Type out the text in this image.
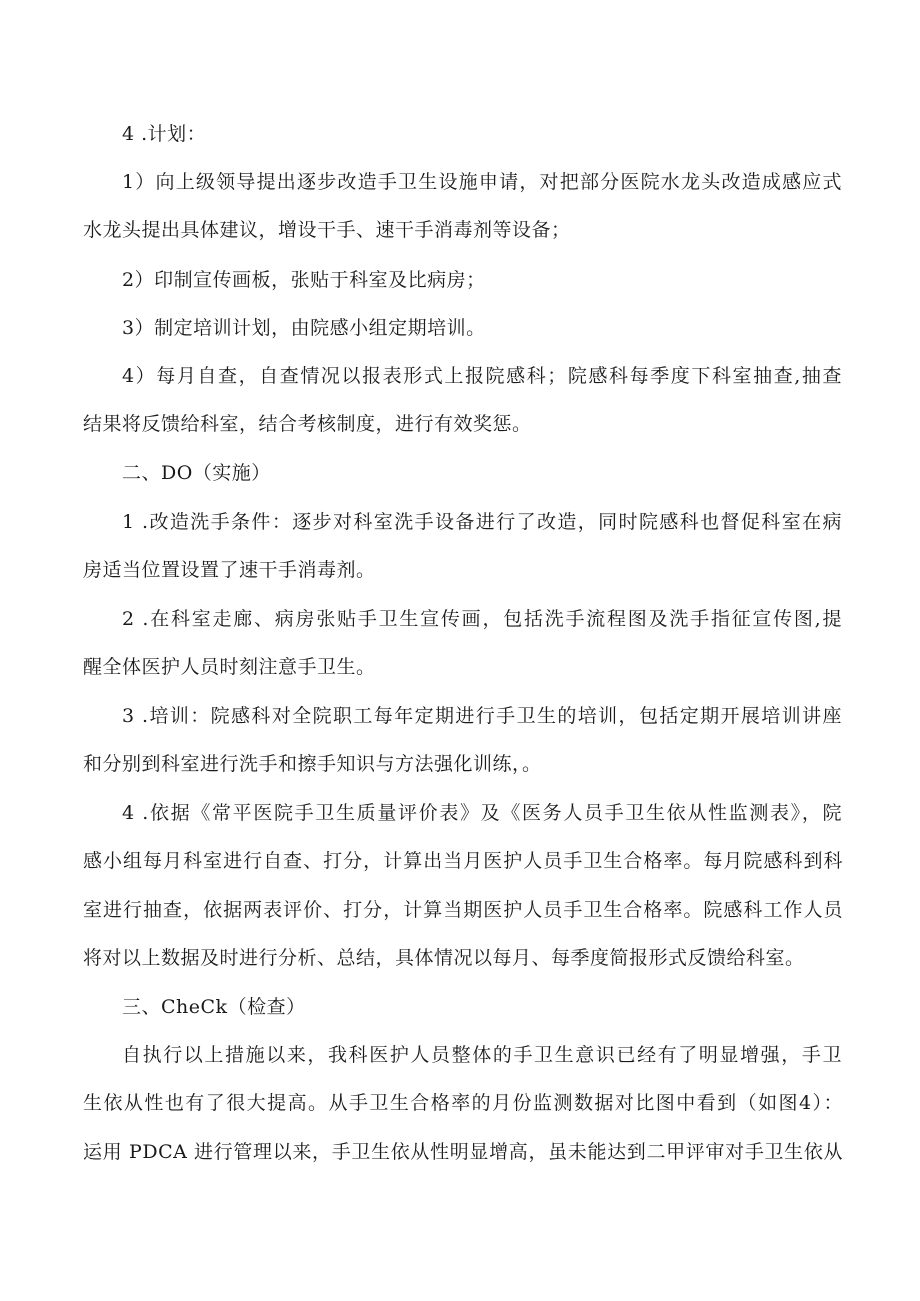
4 .计划：
1）向上级领导提出逐步改造手卫生设施申请，对把部分医院水龙头改造成感应式
水龙头提出具体建议，增设干手、速干手消毒剂等设备；
2）印制宣传画板，张贴于科室及比病房；
3）制定培训计划，由院感小组定期培训。
4）每月自查，自查情况以报表形式上报院感科；院感科每季度下科室抽查,抽查
结果将反馈给科室，结合考核制度，进行有效奖惩。
二、DO（实施）
1 .改造洗手条件：逐步对科室洗手设备进行了改造，同时院感科也督促科室在病
房适当位置设置了速干手消毒剂。
2 .在科室走廊、病房张贴手卫生宣传画，包括洗手流程图及洗手指征宣传图,提
醒全体医护人员时刻注意手卫生。
3 .培训：院感科对全院职工每年定期进行手卫生的培训，包括定期开展培训讲座
和分别到科室进行洗手和擦手知识与方法强化训练，。
4 .依据《常平医院手卫生质量评价表》及《医务人员手卫生依从性监测表》，院
感小组每月科室进行自查、打分，计算出当月医护人员手卫生合格率。每月院感科到科
室进行抽查，依据两表评价、打分，计算当期医护人员手卫生合格率。院感科工作人员
将对以上数据及时进行分析、总结，具体情况以每月、每季度简报形式反馈给科室。
三、CheCk（检查）
自执行以上措施以来，我科医护人员整体的手卫生意识已经有了明显增强，手卫
生依从性也有了很大提高。从手卫生合格率的月份监测数据对比图中看到（如图4）：
运用 PDCA 进行管理以来，手卫生依从性明显增高，虽未能达到二甲评审对手卫生依从
